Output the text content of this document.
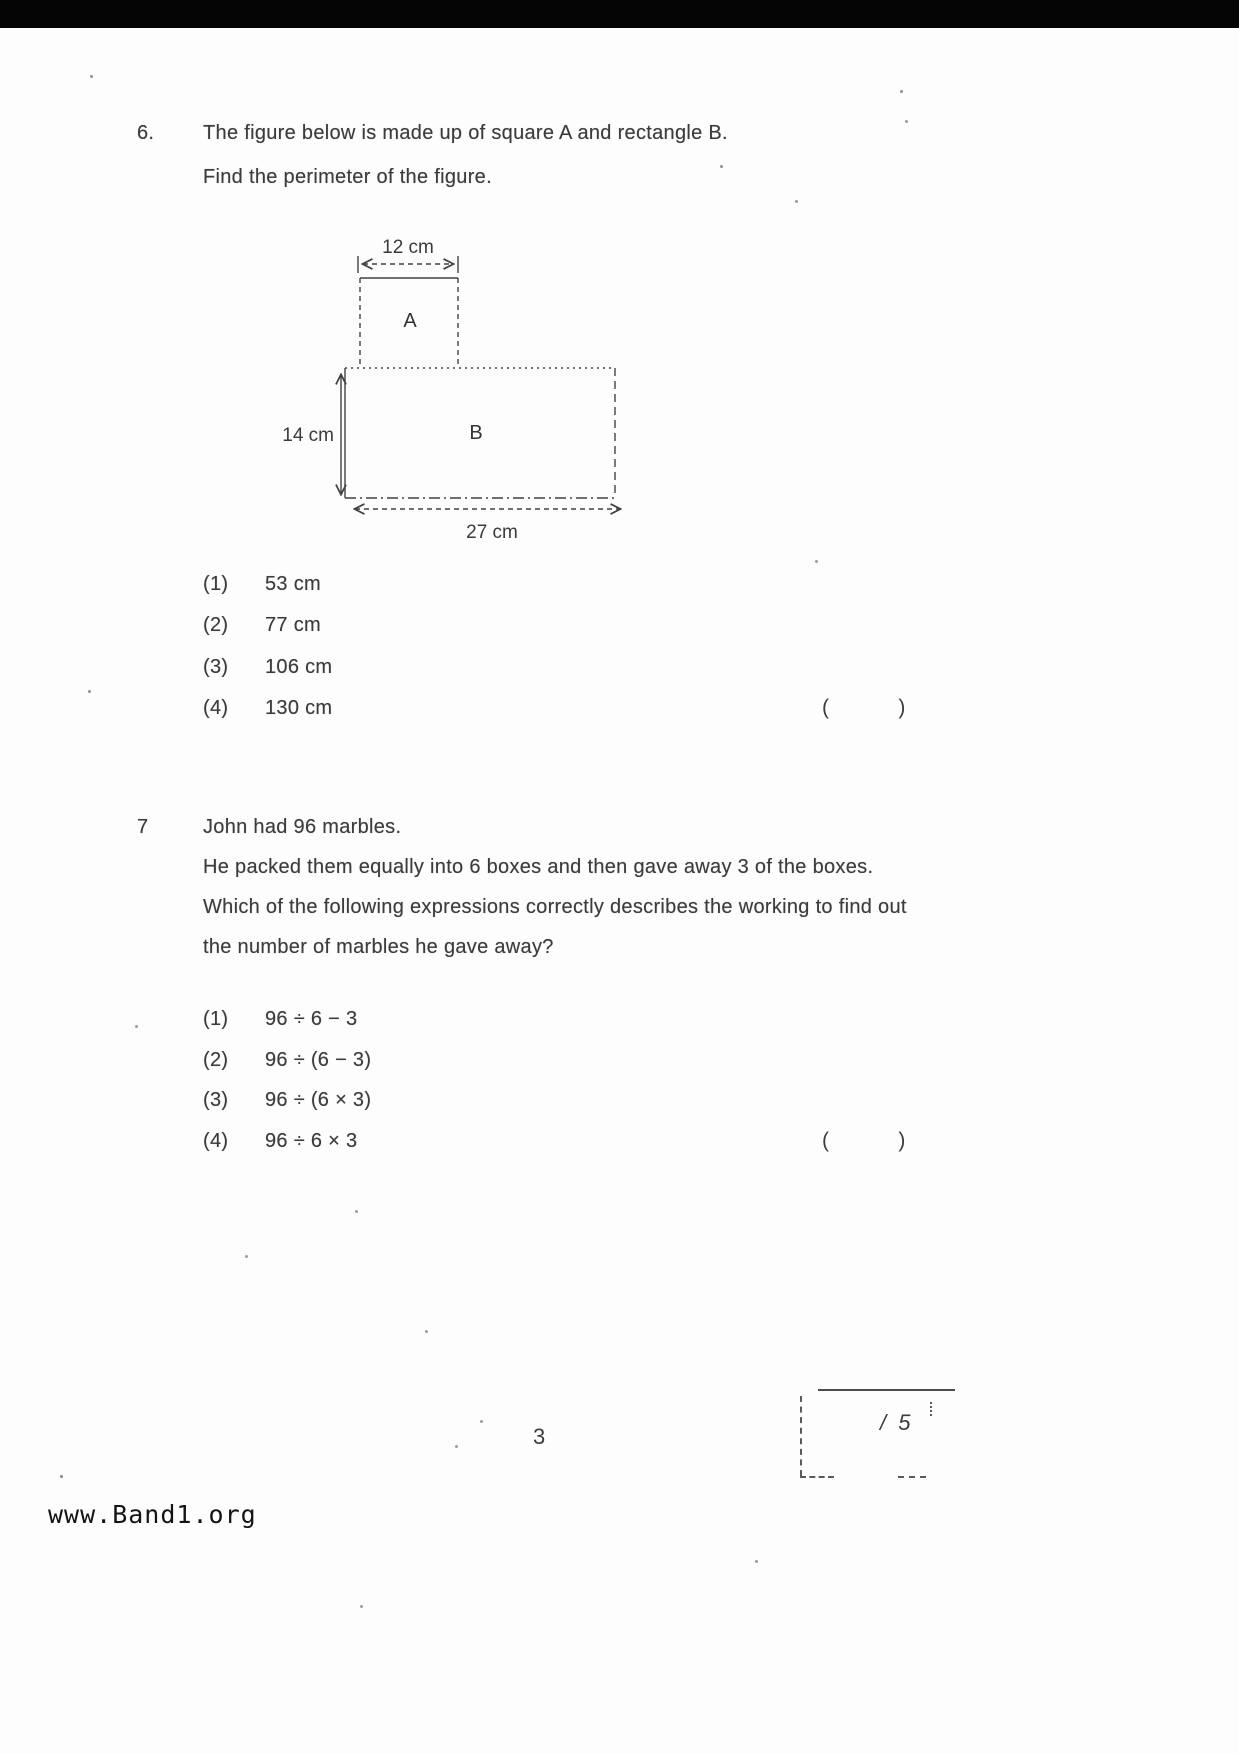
6. The figure below is made up of square A and rectangle B.
Find the perimeter of the figure.
12 cm
A
B
14 cm
27 cm
(1)	53 cm
(2)	77 cm
(3)	106 cm
(4)	130 cm	(          )
7	John had 96 marbles.
He packed them equally into 6 boxes and then gave away 3 of the boxes.
Which of the following expressions correctly describes the working to find out
the number of marbles he gave away?
(1)	96 ÷ 6 − 3
(2)	96 ÷ (6 − 3)
(3)	96 ÷ (6 × 3)
(4)	96 ÷ 6 × 3	(          )
3
/ 5
www.Band1.org
